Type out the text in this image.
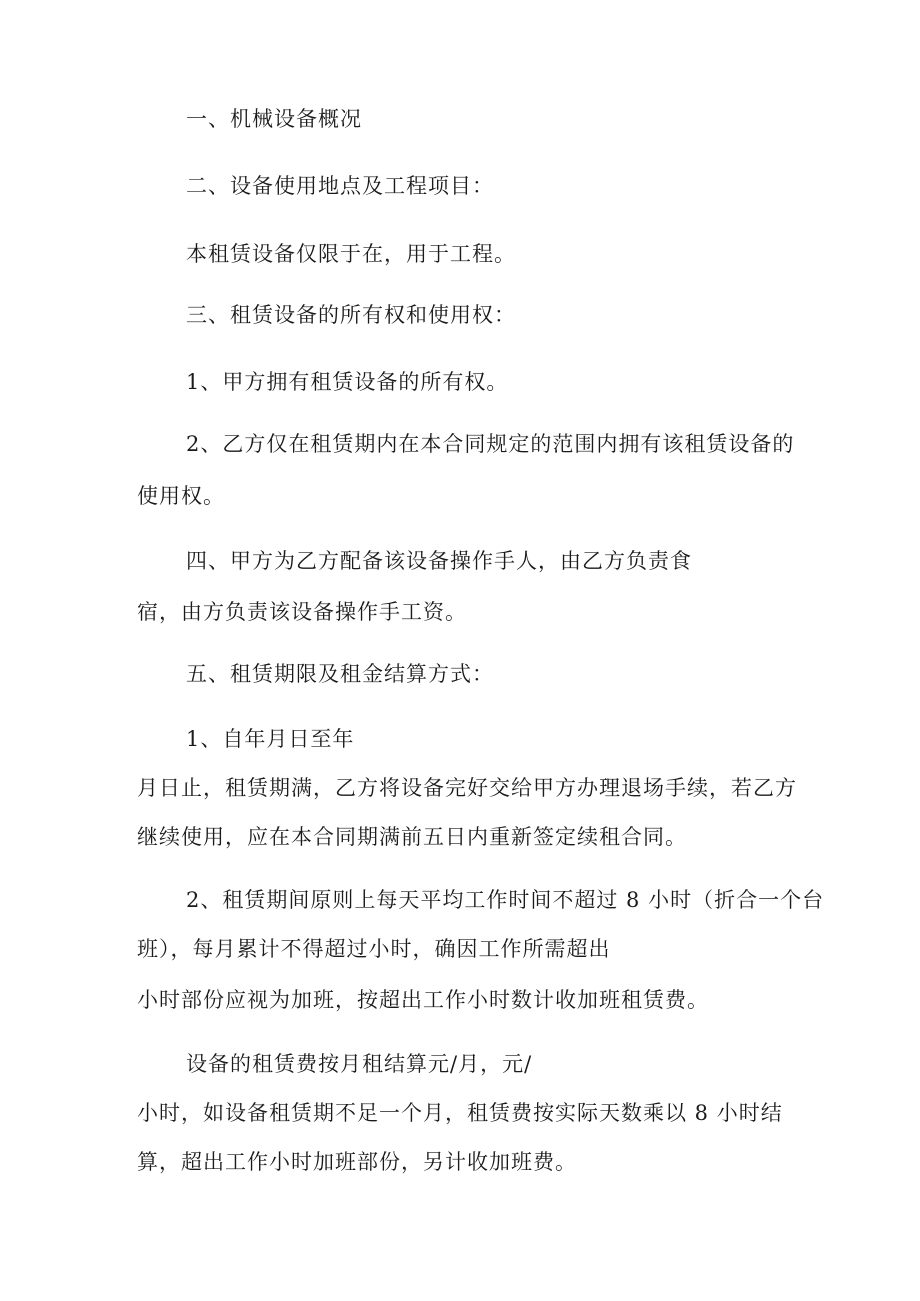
一、机械设备概况
二、设备使用地点及工程项目：
本租赁设备仅限于在，用于工程。
三、租赁设备的所有权和使用权：
1、甲方拥有租赁设备的所有权。
2、乙方仅在租赁期内在本合同规定的范围内拥有该租赁设备的
使用权。
四、甲方为乙方配备该设备操作手人，由乙方负责食
宿，由方负责该设备操作手工资。
五、租赁期限及租金结算方式：
1、自年月日至年
月日止，租赁期满，乙方将设备完好交给甲方办理退场手续，若乙方
继续使用，应在本合同期满前五日内重新签定续租合同。
2、租赁期间原则上每天平均工作时间不超过 8 小时（折合一个台
班），每月累计不得超过小时，确因工作所需超出
小时部份应视为加班，按超出工作小时数计收加班租赁费。
设备的租赁费按月租结算元/月，元/
小时，如设备租赁期不足一个月，租赁费按实际天数乘以 8 小时结
算，超出工作小时加班部份，另计收加班费。
